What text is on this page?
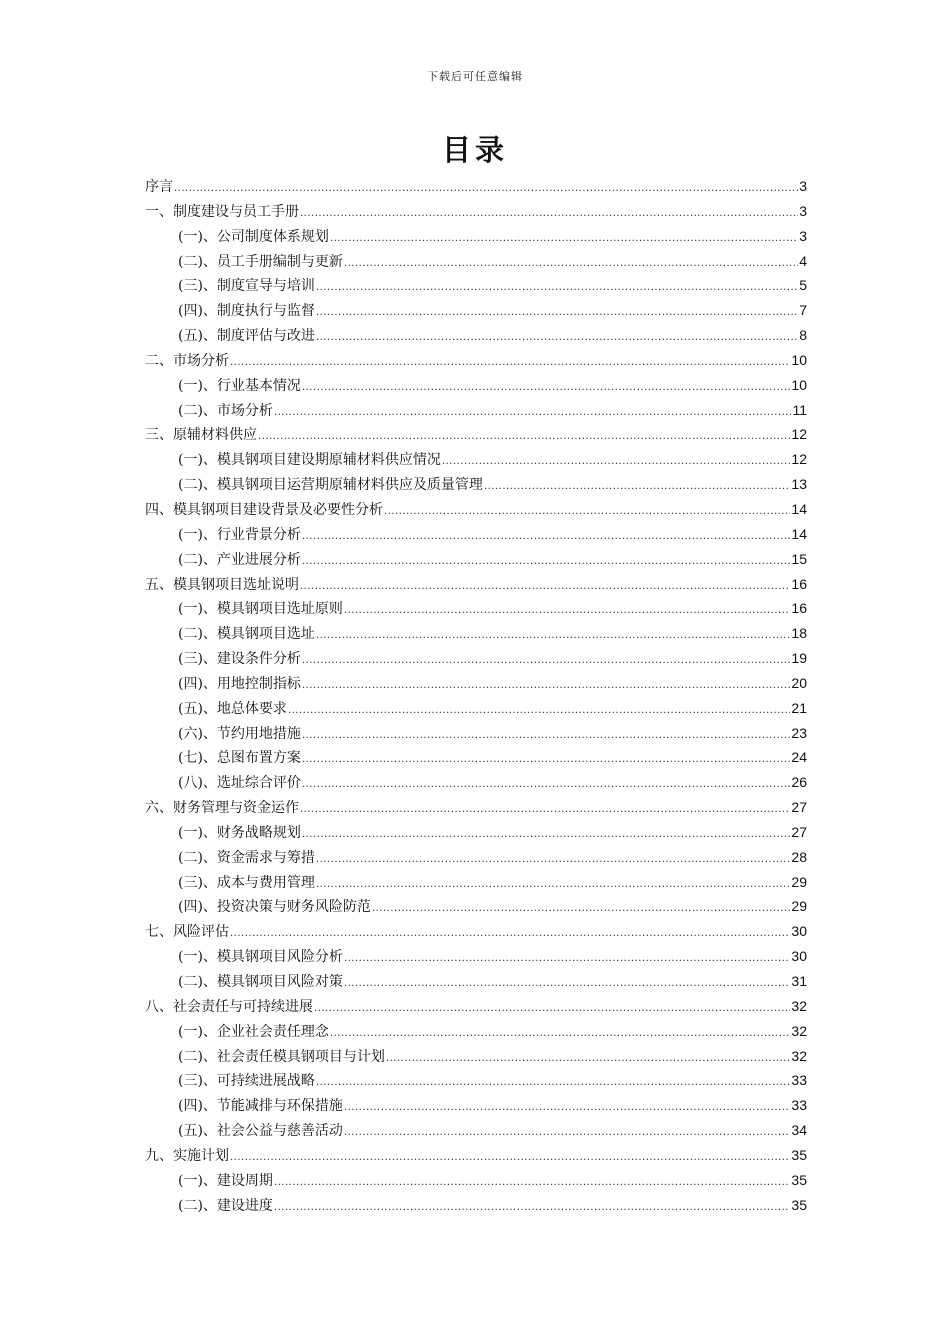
下载后可任意编辑
目录
序言 .....	3
一、制度建设与员工手册 .....	3
(一)、公司制度体系规划 .....	3
(二)、员工手册编制与更新 .....	4
(三)、制度宣导与培训 .....	5
(四)、制度执行与监督 .....	7
(五)、制度评估与改进 .....	8
二、市场分析 .....	10
(一)、行业基本情况 .....	10
(二)、市场分析 .....	11
三、原辅材料供应 .....	12
(一)、模具钢项目建设期原辅材料供应情况 .....	12
(二)、模具钢项目运营期原辅材料供应及质量管理 .....	13
四、模具钢项目建设背景及必要性分析 .....	14
(一)、行业背景分析 .....	14
(二)、产业进展分析 .....	15
五、模具钢项目选址说明 .....	16
(一)、模具钢项目选址原则 .....	16
(二)、模具钢项目选址 .....	18
(三)、建设条件分析 .....	19
(四)、用地控制指标 .....	20
(五)、地总体要求 .....	21
(六)、节约用地措施 .....	23
(七)、总图布置方案 .....	24
(八)、选址综合评价 .....	26
六、财务管理与资金运作 .....	27
(一)、财务战略规划 .....	27
(二)、资金需求与筹措 .....	28
(三)、成本与费用管理 .....	29
(四)、投资决策与财务风险防范 .....	29
七、风险评估 .....	30
(一)、模具钢项目风险分析 .....	30
(二)、模具钢项目风险对策 .....	31
八、社会责任与可持续进展 .....	32
(一)、企业社会责任理念 .....	32
(二)、社会责任模具钢项目与计划 .....	32
(三)、可持续进展战略 .....	33
(四)、节能减排与环保措施 .....	33
(五)、社会公益与慈善活动 .....	34
九、实施计划 .....	35
(一)、建设周期 .....	35
(二)、建设进度 .....	35
